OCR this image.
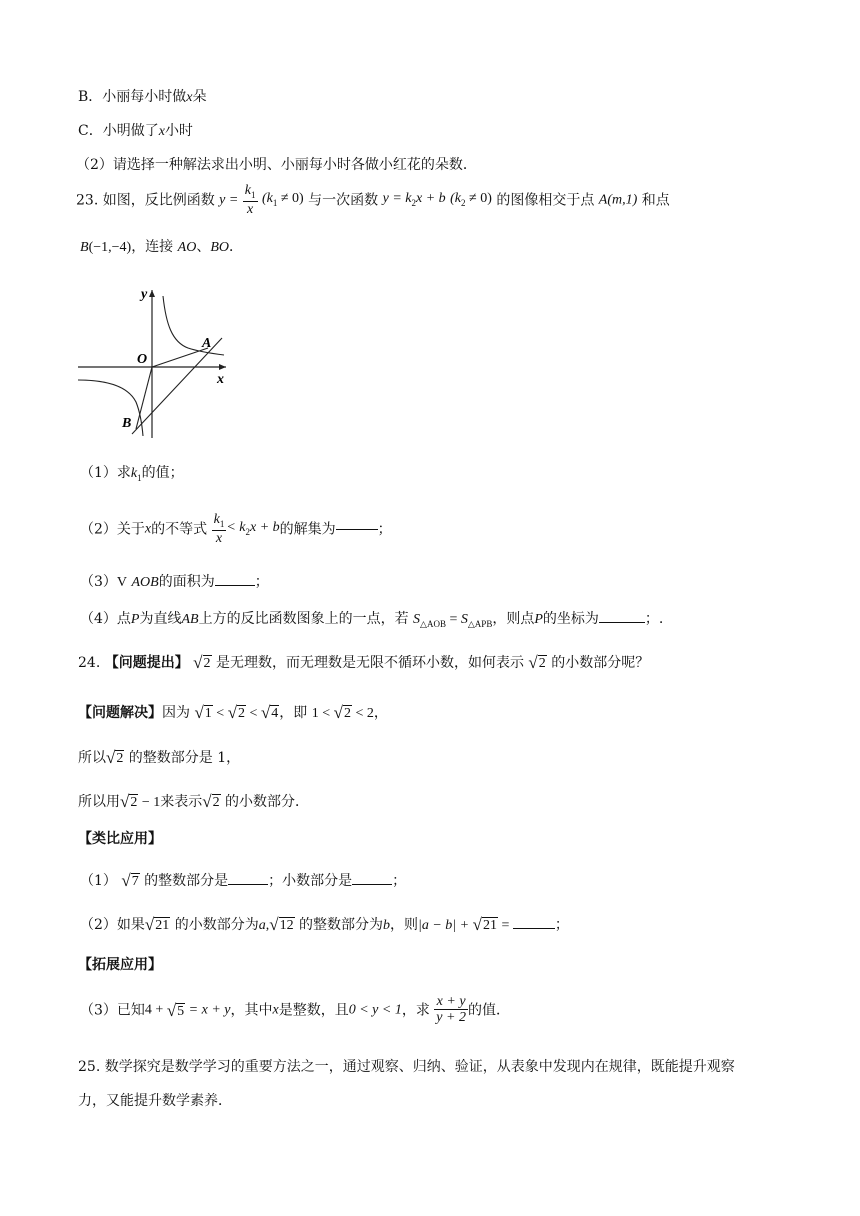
B．小丽每小时做x朵
C．小明做了x小时
（2）请选择一种解法求出小明、小丽每小时各做小红花的朵数．
23. 如图，反比例函数 $y = \frac{k_1}{x} (k_1 \ne 0)$ 与一次函数 $y = k_2x + b$ $(k_2 \ne 0)$ 的图像相交于点 A(m,1) 和点
B(−1,−4)，连接 AO、BO．
y
x
O
A
B
（1）求$k_1$的值；
（2）关于x的不等式 $\frac{k_1}{x} < k_2x + b$的解集为	；
（3）V AOB的面积为	；
（4）点P为直线AB上方的反比函数图象上的一点，若 $S_{\triangle AOB} = S_{\triangle APB}$，则点P的坐标为	；.
24. 【问题提出】 √2 是无理数，而无理数是无限不循环小数，如何表示 √2 的小数部分呢？
【问题解决】因为 √1 < √2 < √4，即 1 < √2 < 2，
所以√2 的整数部分是 1，
所以用√2 − 1来表示√2 的小数部分．
【类比应用】
（1） √7 的整数部分是	；小数部分是	；
（2）如果√21 的小数部分为a,√12 的整数部分为b，则|a − b| + √21 =	；
【拓展应用】
（3）已知4 + √5 = x + y，其中x是整数，且0 < y < 1，求 $\frac{x + y}{y + 2}$ 的值．
25. 数学探究是数学学习的重要方法之一，通过观察、归纳、验证，从表象中发现内在规律，既能提升观察
力，又能提升数学素养．
